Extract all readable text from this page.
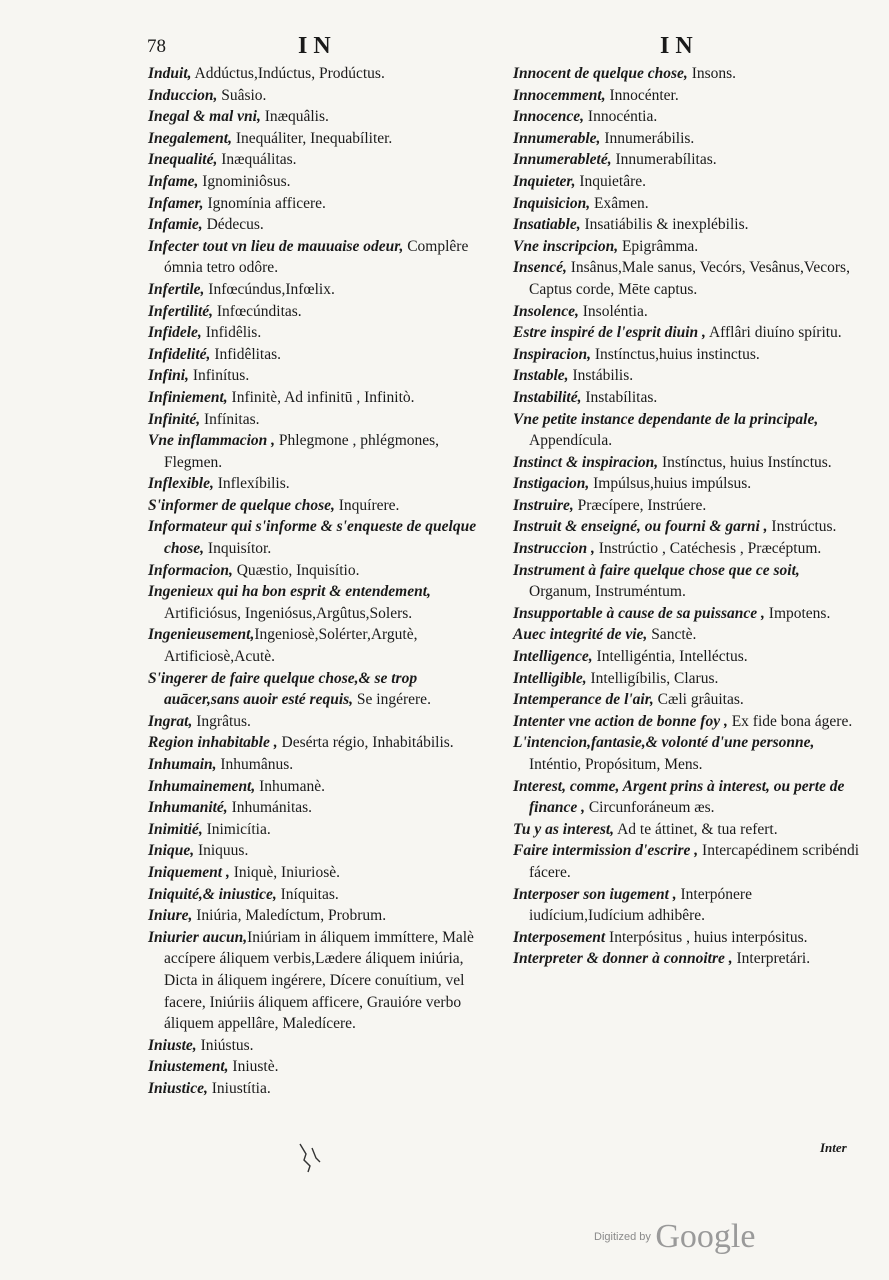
78	IN	IN

Induit, Addúctus,Indúctus, Prodúctus.

Induccion, Suâsio.

Inegal & mal vni, Inæquâlis.

Inegalement, Inequáliter, Inequabíliter.

Inequalité, Inæquálitas.

Infame, Ignominiôsus.

Infamer, Ignomínia afficere.

Infamie, Dédecus.

Infecter tout vn lieu de mauuaise odeur, Complêre ómnia tetro odôre.

Infertile, Infœcúndus,Infœlix.

Infertilité, Infœcúnditas.

Infidele, Infidêlis.

Infidelité, Infidêlitas.

Infini, Infinítus.

Infiniement, Infinitè, Ad infinitū , Infinitò.

Infinité, Infínitas.

Vne inflammacion , Phlegmone , phlégmones, Flegmen.

Inflexible, Inflexíbilis.

S'informer de quelque chose, Inquírere.

Informateur qui s'informe & s'enqueste de quelque chose, Inquisítor.

Informacion, Quæstio, Inquisítio.

Ingenieux qui ha bon esprit & entendement, Artificiósus, Ingeniósus,Argûtus,Solers.

Ingenieusement,Ingeniosè,Solérter,Argutè, Artificiosè,Acutè.

S'ingerer de faire quelque chose,& se trop auācer,sans auoir esté requis, Se ingérere.

Ingrat, Ingrâtus.

Region inhabitable , Desérta régio, Inhabitábilis.

Inhumain, Inhumânus.

Inhumainement, Inhumanè.

Inhumanité, Inhumánitas.

Inimitié, Inimicítia.

Inique, Iniquus.

Iniquement , Iniquè, Iniuriosè.

Iniquité,& iniustice, Iníquitas.

Iniure, Iniúria, Maledíctum, Probrum.

Iniurier aucun,Iniúriam in áliquem immíttere, Malè accípere áliquem verbis,Lædere áliquem iniúria, Dicta in áliquem ingérere, Dícere conuítium, vel facere, Iniúriis áliquem afficere, Grauióre verbo áliquem appellâre, Maledícere.

Iniuste, Iniústus.

Iniustement, Iniustè.

Iniustice, Iniustítia.

Innocent de quelque chose, Insons.

Innocemment, Innocénter.

Innocence, Innocéntia.

Innumerable, Innumerábilis.

Innumerableté, Innumerabílitas.

Inquieter, Inquietâre.

Inquisicion, Exâmen.

Insatiable, Insatiábilis & inexplébilis.

Vne inscripcion, Epigrâmma.

Insencé, Insânus,Male sanus, Vecórs, Vesânus,Vecors, Captus corde, Mēte captus.

Insolence, Insoléntia.

Estre inspiré de l'esprit diuin , Afflâri diuíno spíritu.

Inspiracion, Instínctus,huius instinctus.

Instable, Instábilis.

Instabilité, Instabílitas.

Vne petite instance dependante de la principale, Appendícula.

Instinct & inspiracion, Instínctus, huius Instínctus.

Instigacion, Impúlsus,huius impúlsus.

Instruire, Præcípere, Instrúere.

Instruit & enseigné, ou fourni & garni , Instrúctus.

Instruccion , Instrúctio , Catéchesis , Præcéptum.

Instrument à faire quelque chose que ce soit, Organum, Instruméntum.

Insupportable à cause de sa puissance , Impotens.

Auec integrité de vie, Sanctè.

Intelligence, Intelligéntia, Intelléctus.

Intelligible, Intelligíbilis, Clarus.

Intemperance de l'air, Cæli grâuitas.

Intenter vne action de bonne foy , Ex fide bona ágere.

L'intencion,fantasie,& volonté d'une personne, Inténtio, Propósitum, Mens.

Interest, comme, Argent prins à interest, ou perte de finance , Circunforáneum æs.

Tu y as interest, Ad te áttinet, & tua refert.

Faire intermission d'escrire , Intercapédinem scribéndi fácere.

Interposer son iugement , Interpónere iudícium,Iudícium adhibêre.

Interposement Interpósitus , huius interpósitus.

Interpreter & donner à connoitre , Interpretári.

Inter
Digitized by Google
